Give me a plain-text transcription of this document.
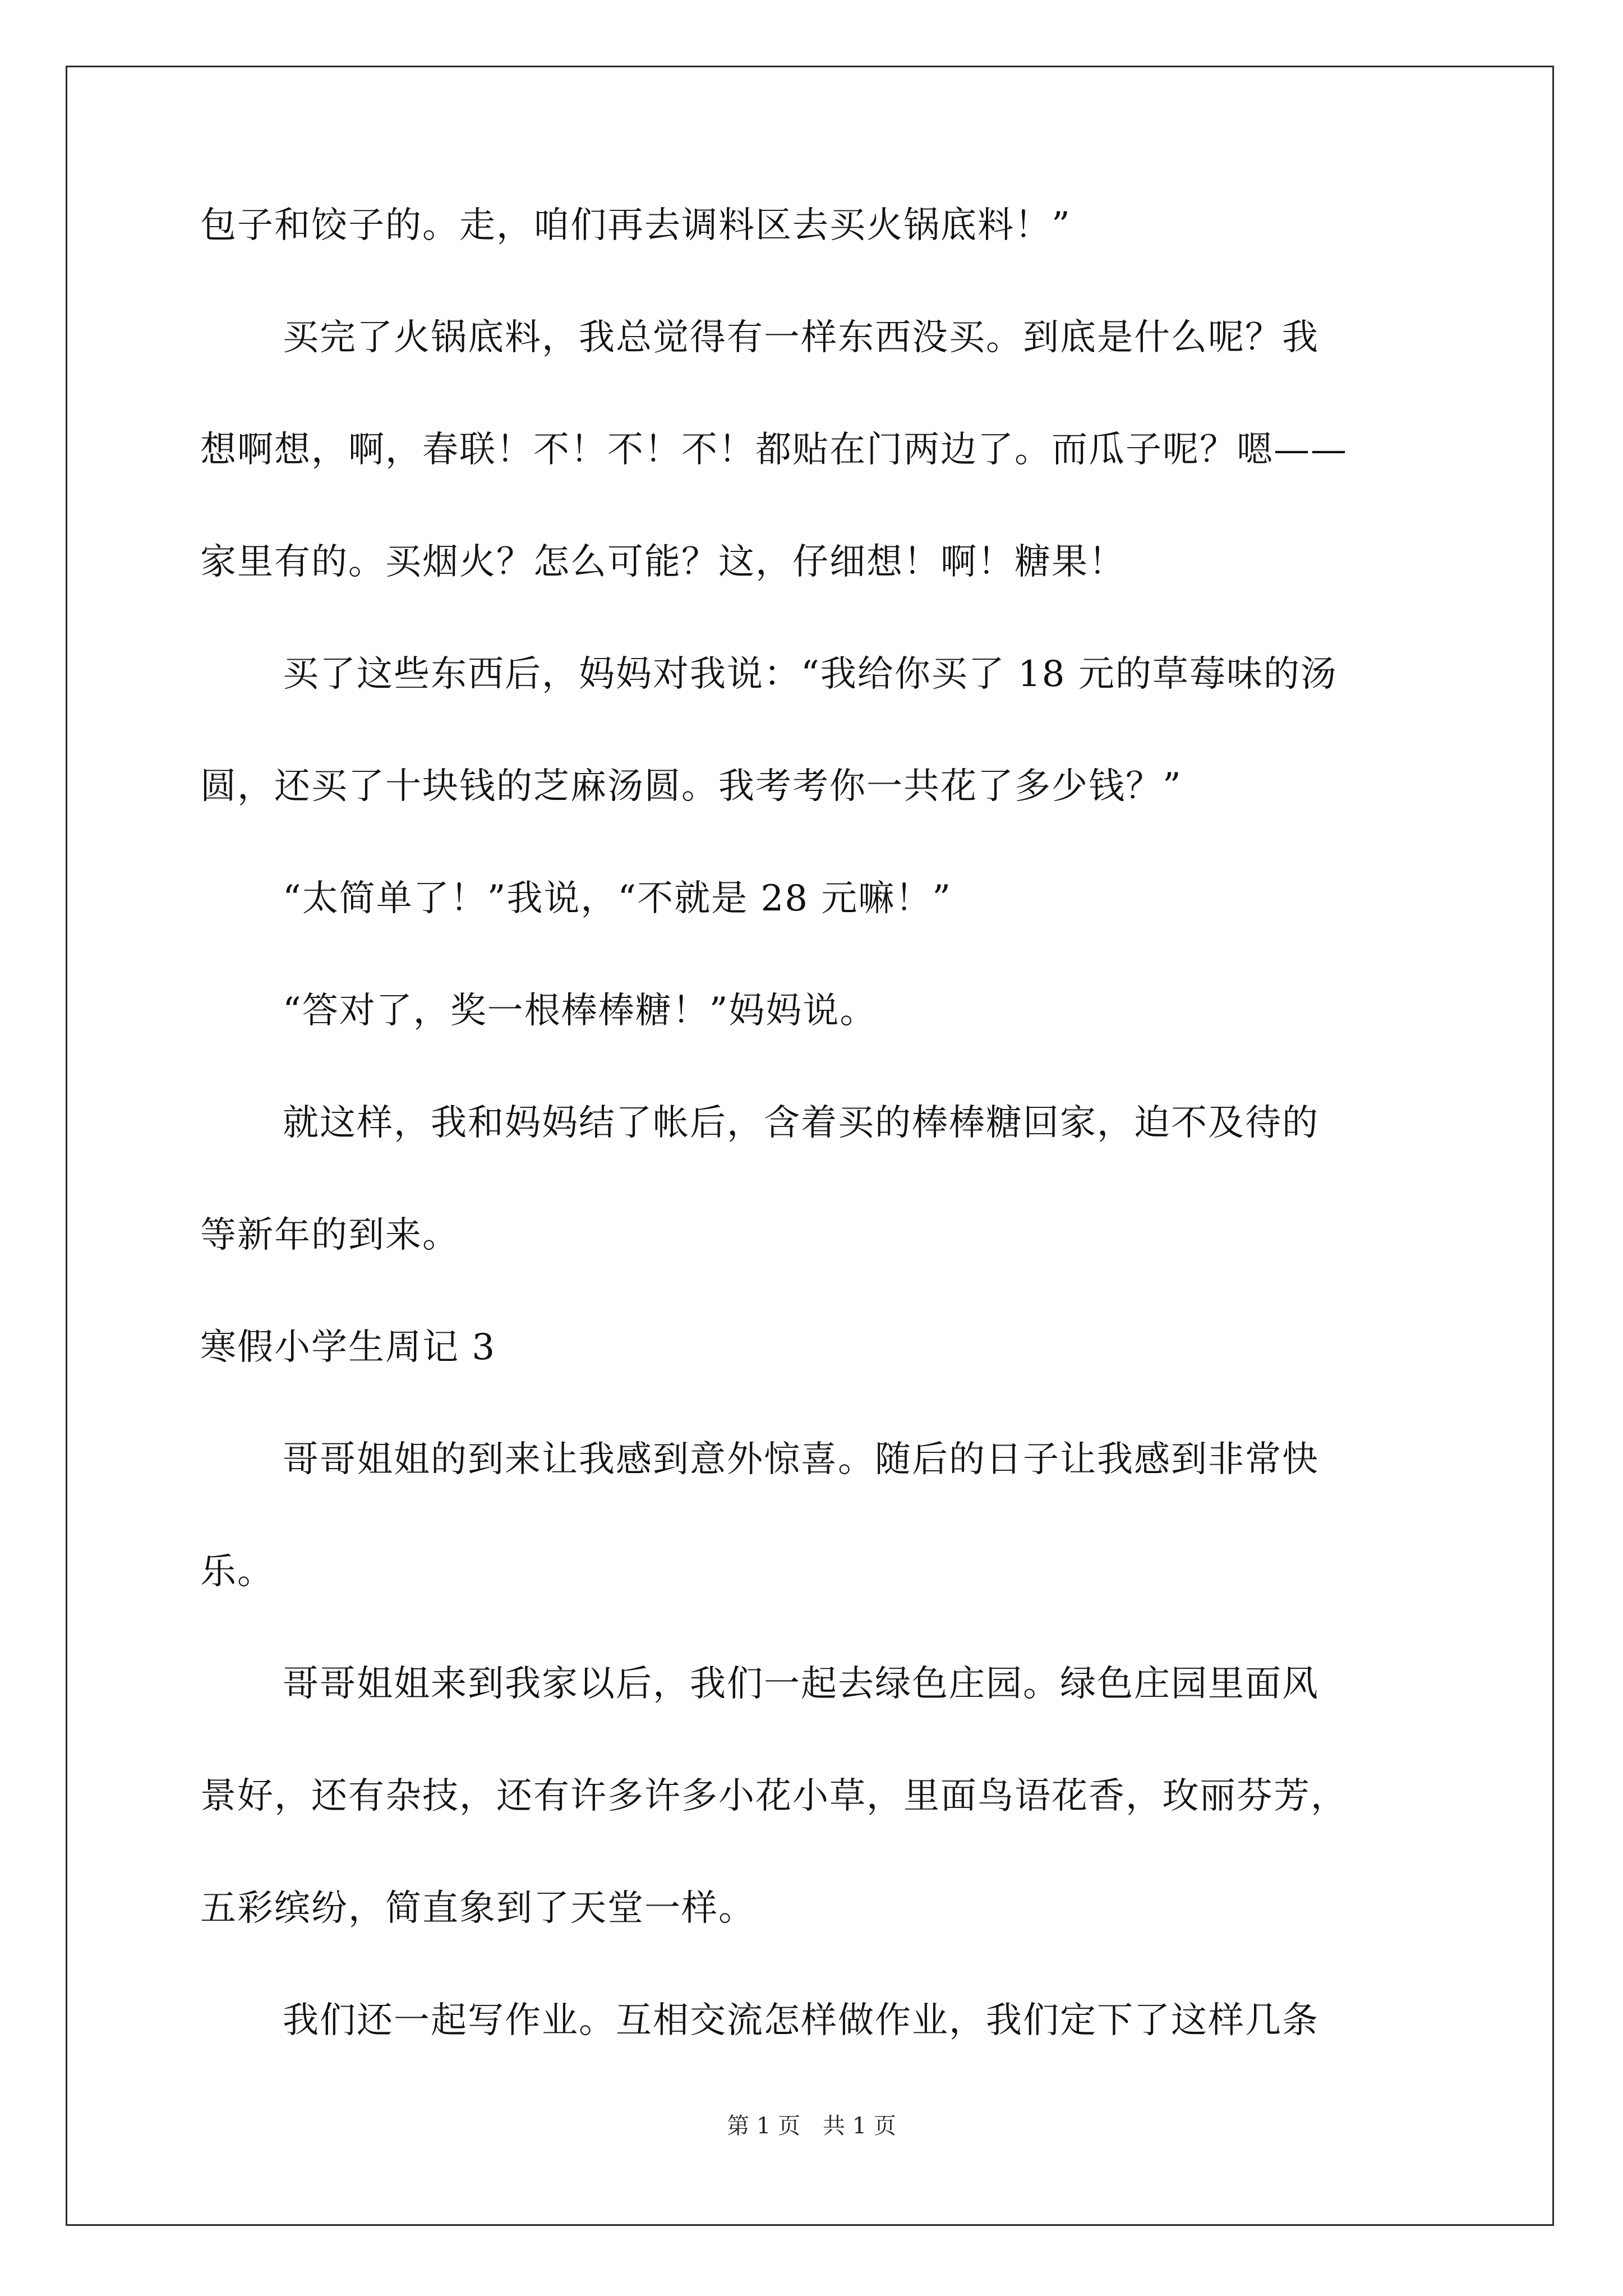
包子和饺子的。走，咱们再去调料区去买火锅底料！”
买完了火锅底料，我总觉得有一样东西没买。到底是什么呢？我
想啊想，啊，春联！不！不！不！都贴在门两边了。而瓜子呢？嗯——
家里有的。买烟火？怎么可能？这，仔细想！啊！糖果！
买了这些东西后，妈妈对我说：“我给你买了 18 元的草莓味的汤
圆，还买了十块钱的芝麻汤圆。我考考你一共花了多少钱？”
“太简单了！”我说，“不就是 28 元嘛！”
“答对了，奖一根棒棒糖！”妈妈说。
就这样，我和妈妈结了帐后，含着买的棒棒糖回家，迫不及待的
等新年的到来。
寒假小学生周记 3
哥哥姐姐的到来让我感到意外惊喜。随后的日子让我感到非常快
乐。
哥哥姐姐来到我家以后，我们一起去绿色庄园。绿色庄园里面风
景好，还有杂技，还有许多许多小花小草，里面鸟语花香，玫丽芬芳，
五彩缤纷，简直象到了天堂一样。
我们还一起写作业。互相交流怎样做作业，我们定下了这样几条
第 1 页　共 1 页
